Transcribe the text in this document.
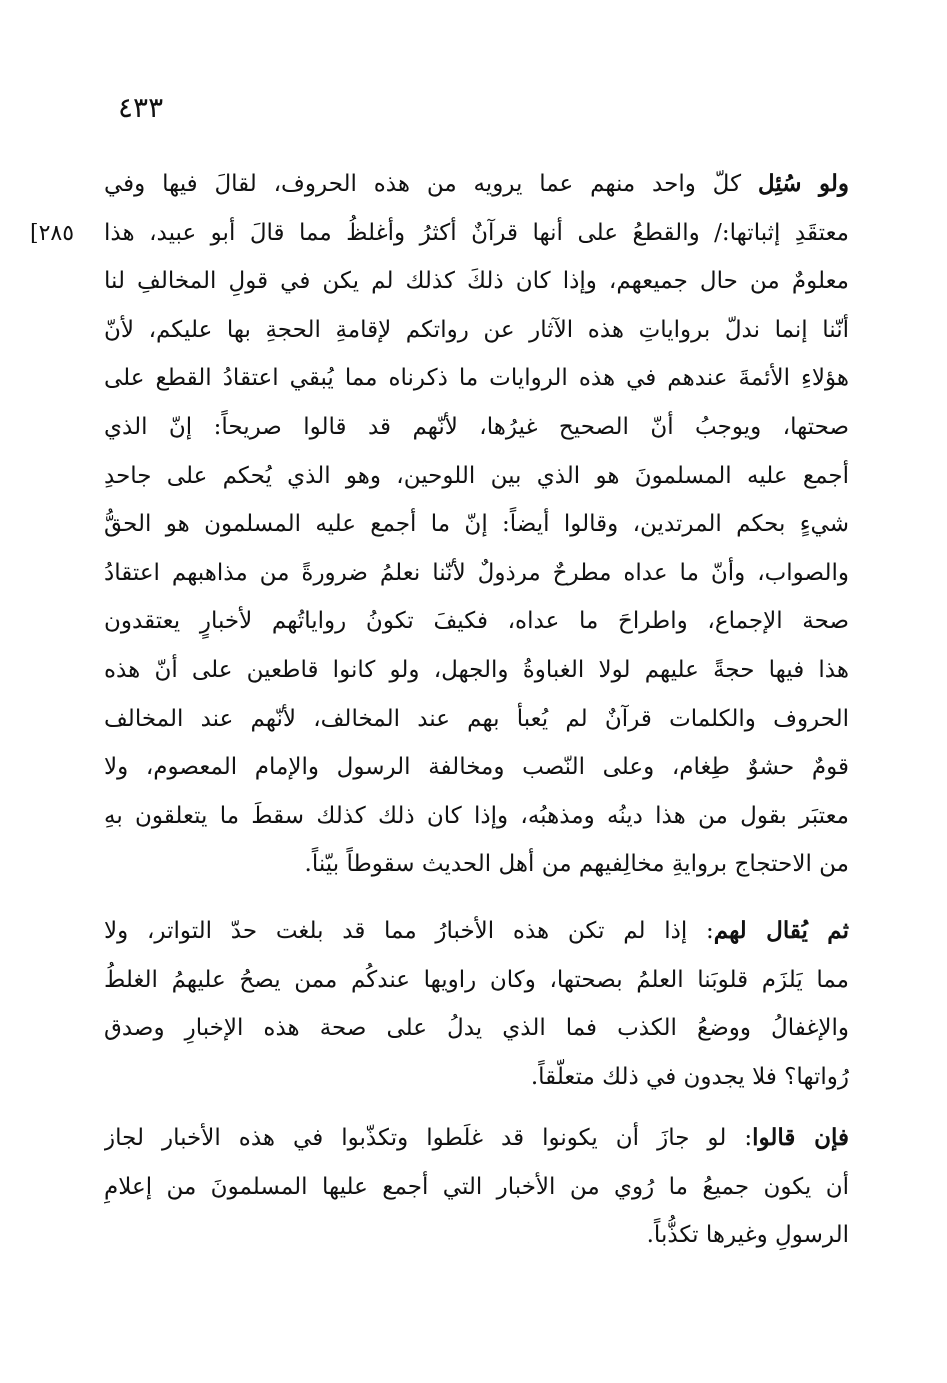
٤٣٣
[٢٨٥
ولو سُئِل كلّ واحد منهم عما يرويه من هذه الحروف، لقالَ فيها وفي
معتقَدِ إثباتها:/ والقطعُ على أنها قرآنٌ أكثرُ وأغلظُ مما قالَ أبو عبيد، هذا
معلومٌ من حال جميعهم، وإذا كان ذلكَ كذلك لم يكن في قولِ المخالفِ لنا
أنّنا إنما ندلّ برواياتِ هذه الآثار عن رواتكم لإقامةِ الحجةِ بها عليكم، لأنّ
هؤلاءِ الأئمةَ عندهم في هذه الروايات ما ذكرناه مما يُبقي اعتقادُ القطع على
صحتها، ويوجبُ أنّ الصحيح غيرُها، لأنّهم قد قالوا صريحاً: إنّ الذي
أجمع عليه المسلمونَ هو الذي بين اللوحين، وهو الذي يُحكم على جاحدِ
شيءٍ بحكم المرتدين، وقالوا أيضاً: إنّ ما أجمع عليه المسلمون هو الحقُّ
والصواب، وأنّ ما عداه مطرحٌ مرذولٌ لأنّنا نعلمُ ضرورةً من مذاهبهم اعتقادُ
صحة الإجماع، واطراحَ ما عداه، فكيفَ تكونُ رواياتُهم لأخبارٍ يعتقدون
هذا فيها حجةً عليهم لولا الغباوةُ والجهل، ولو كانوا قاطعين على أنّ هذه
الحروف والكلمات قرآنٌ لم يُعبأ بهم عند المخالف، لأنّهم عند المخالف
قومٌ حشوٌ طِغام، وعلى النّصب ومخالفة الرسول والإمام المعصوم، ولا
معتبَر بقول من هذا دينُه ومذهبُه، وإذا كان ذلك كذلك سقطَ ما يتعلقون بهِ
من الاحتجاج بروايةِ مخالِفيهم من أهل الحديث سقوطاً بيّناً.
ثم يُقال لهم: إذا لم تكن هذه الأخبارُ مما قد بلغت حدّ التواتر، ولا
مما يَلزَم قلوبَنا العلمُ بصحتها، وكان راويها عندكُم ممن يصحُ عليهمُ الغلطُ
والإغفالُ ووضعُ الكذب فما الذي يدلُ على صحة هذه الإخبارِ وصدق
رُواتها؟ فلا يجدون في ذلك متعلّقاً.
فإن قالوا: لو جازَ أن يكونوا قد غلَطوا وتكذّبوا في هذه الأخبار لجاز
أن يكون جميعُ ما رُوي من الأخبار التي أجمع عليها المسلمونَ من إعلامِ
الرسولِ وغيرها تكذُّباً.
